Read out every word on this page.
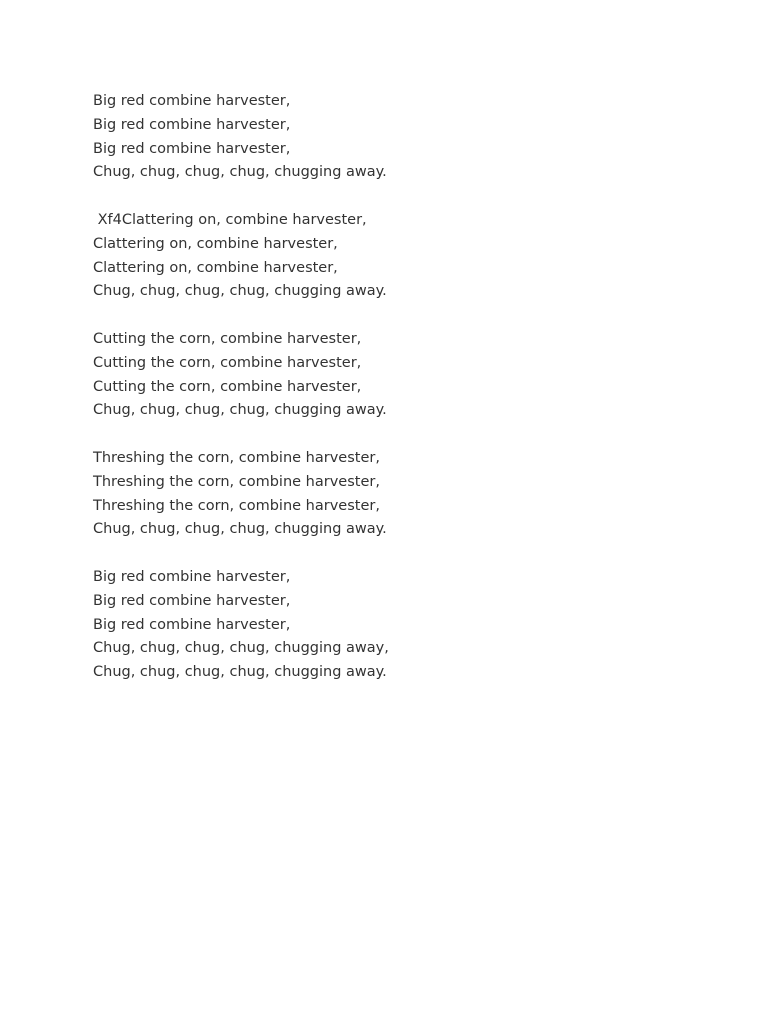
Big red combine harvester,
Big red combine harvester,
Big red combine harvester,
Chug, chug, chug, chug, chugging away.
Xf4Clattering on, combine harvester,
Clattering on, combine harvester,
Clattering on, combine harvester,
Chug, chug, chug, chug, chugging away.
Cutting the corn, combine harvester,
Cutting the corn, combine harvester,
Cutting the corn, combine harvester,
Chug, chug, chug, chug, chugging away.
Threshing the corn, combine harvester,
Threshing the corn, combine harvester,
Threshing the corn, combine harvester,
Chug, chug, chug, chug, chugging away.
Big red combine harvester,
Big red combine harvester,
Big red combine harvester,
Chug, chug, chug, chug, chugging away,
Chug, chug, chug, chug, chugging away.
